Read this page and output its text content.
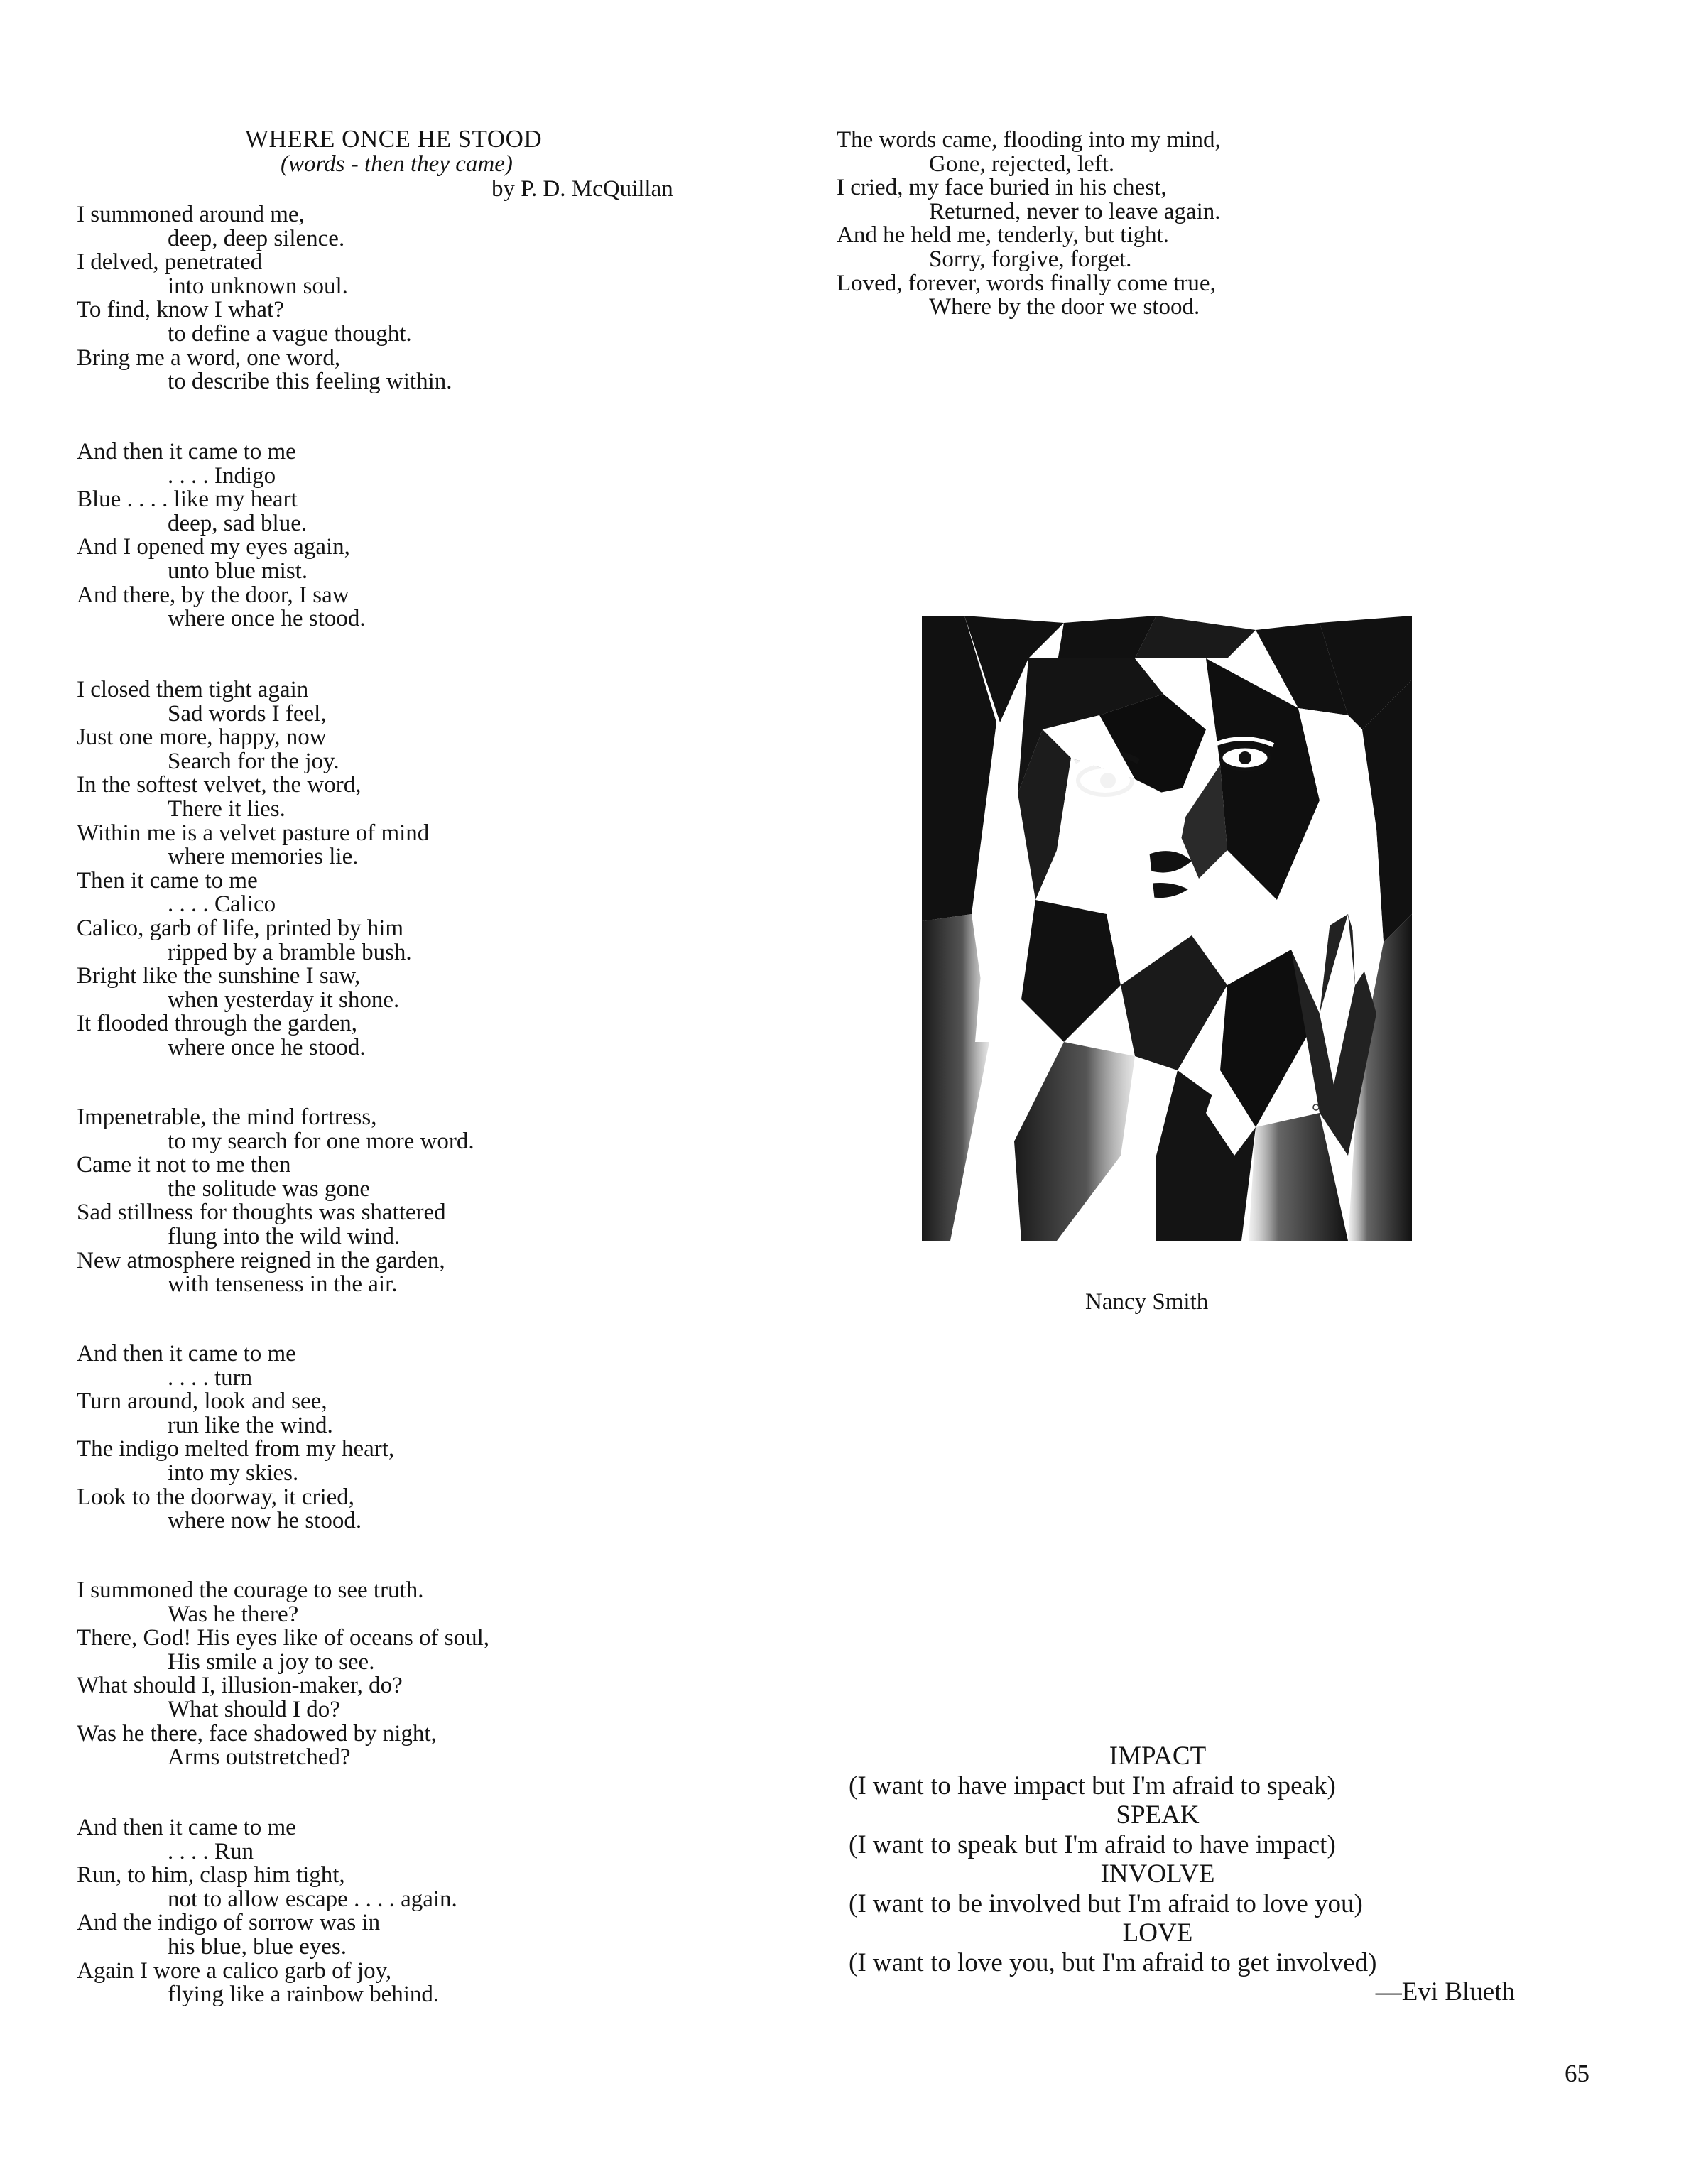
WHERE ONCE HE STOOD
(words - then they came)
by P. D. McQuillan
I summoned around me,
deep, deep silence.
I delved, penetrated
into unknown soul.
To find, know I what?
to define a vague thought.
Bring me a word, one word,
to describe this feeling within.
And then it came to me
. . . . Indigo
Blue . . . . like my heart
deep, sad blue.
And I opened my eyes again,
unto blue mist.
And there, by the door, I saw
where once he stood.
I closed them tight again
Sad words I feel,
Just one more, happy, now
Search for the joy.
In the softest velvet, the word,
There it lies.
Within me is a velvet pasture of mind
where memories lie.
Then it came to me
. . . . Calico
Calico, garb of life, printed by him
ripped by a bramble bush.
Bright like the sunshine I saw,
when yesterday it shone.
It flooded through the garden,
where once he stood.
Impenetrable, the mind fortress,
to my search for one more word.
Came it not to me then
the solitude was gone
Sad stillness for thoughts was shattered
flung into the wild wind.
New atmosphere reigned in the garden,
with tenseness in the air.
And then it came to me
. . . . turn
Turn around, look and see,
run like the wind.
The indigo melted from my heart,
into my skies.
Look to the doorway, it cried,
where now he stood.
I summoned the courage to see truth.
Was he there?
There, God! His eyes like of oceans of soul,
His smile a joy to see.
What should I, illusion-maker, do?
What should I do?
Was he there, face shadowed by night,
Arms outstretched?
And then it came to me
. . . . Run
Run, to him, clasp him tight,
not to allow escape . . . . again.
And the indigo of sorrow was in
his blue, blue eyes.
Again I wore a calico garb of joy,
flying like a rainbow behind.
The words came, flooding into my mind,
Gone, rejected, left.
I cried, my face buried in his chest,
Returned, never to leave again.
And he held me, tenderly, but tight.
Sorry, forgive, forget.
Loved, forever, words finally come true,
Where by the door we stood.
Nancy Smith
IMPACT
(I want to have impact but I'm afraid to speak)
SPEAK
(I want to speak but I'm afraid to have impact)
INVOLVE
(I want to be involved but I'm afraid to love you)
LOVE
(I want to love you, but I'm afraid to get involved)
—Evi Blueth
65
